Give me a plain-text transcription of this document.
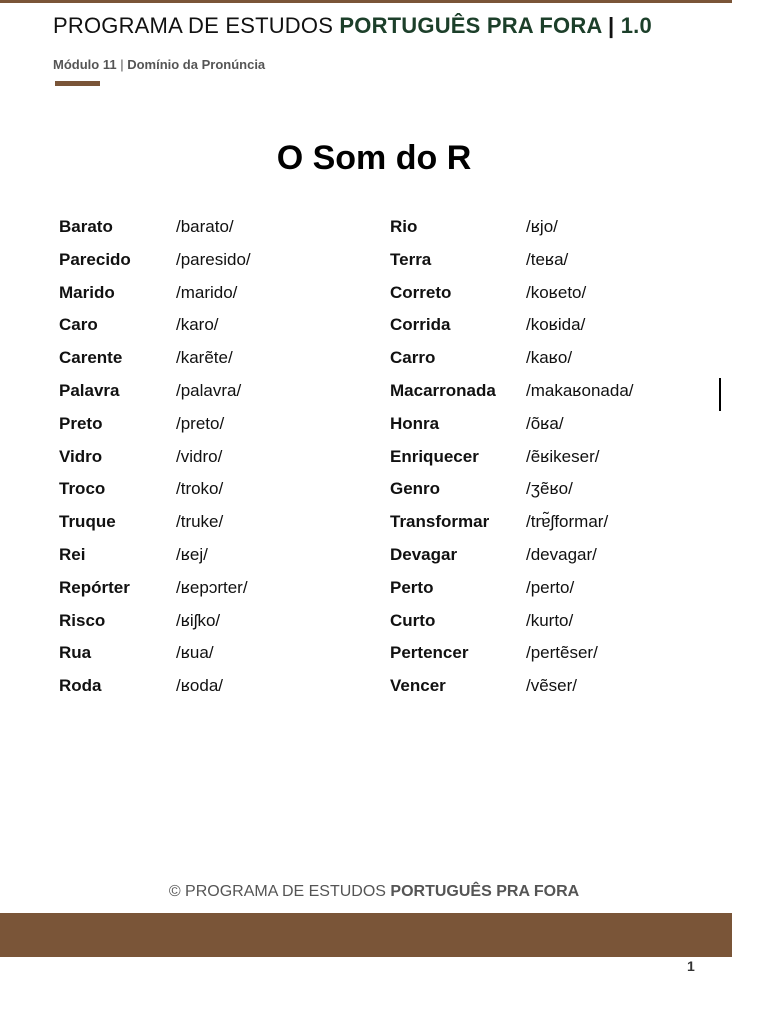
PROGRAMA DE ESTUDOS PORTUGUÊS PRA FORA | 1.0
Módulo 11 | Domínio da Pronúncia
O Som do R
Barato	/barato/	Rio	/ʁjo/
Parecido	/paresido/	Terra	/teʁa/
Marido	/marido/	Correto	/koʁeto/
Caro	/karo/	Corrida	/koʁida/
Carente	/karẽte/	Carro	/kaʁo/
Palavra	/palavra/	Macarronada /makaʁonada/
Preto	/preto/	Honra	/õʁa/
Vidro	/vidro/	Enriquecer	/ẽʁikeser/
Troco	/troko/	Genro	/ʒẽʁo/
Truque	/truke/	Transformar /trɐ̃ʃformar/
Rei	/ʁej/	Devagar	/devagar/
Repórter	/ʁepɔrter/	Perto	/perto/
Risco	/ʁiʃko/	Curto	/kurto/
Rua	/ʁua/	Pertencer	/pertẽser/
Roda	/ʁoda/	Vencer	/vẽser/
© PROGRAMA DE ESTUDOS PORTUGUÊS PRA FORA
1
